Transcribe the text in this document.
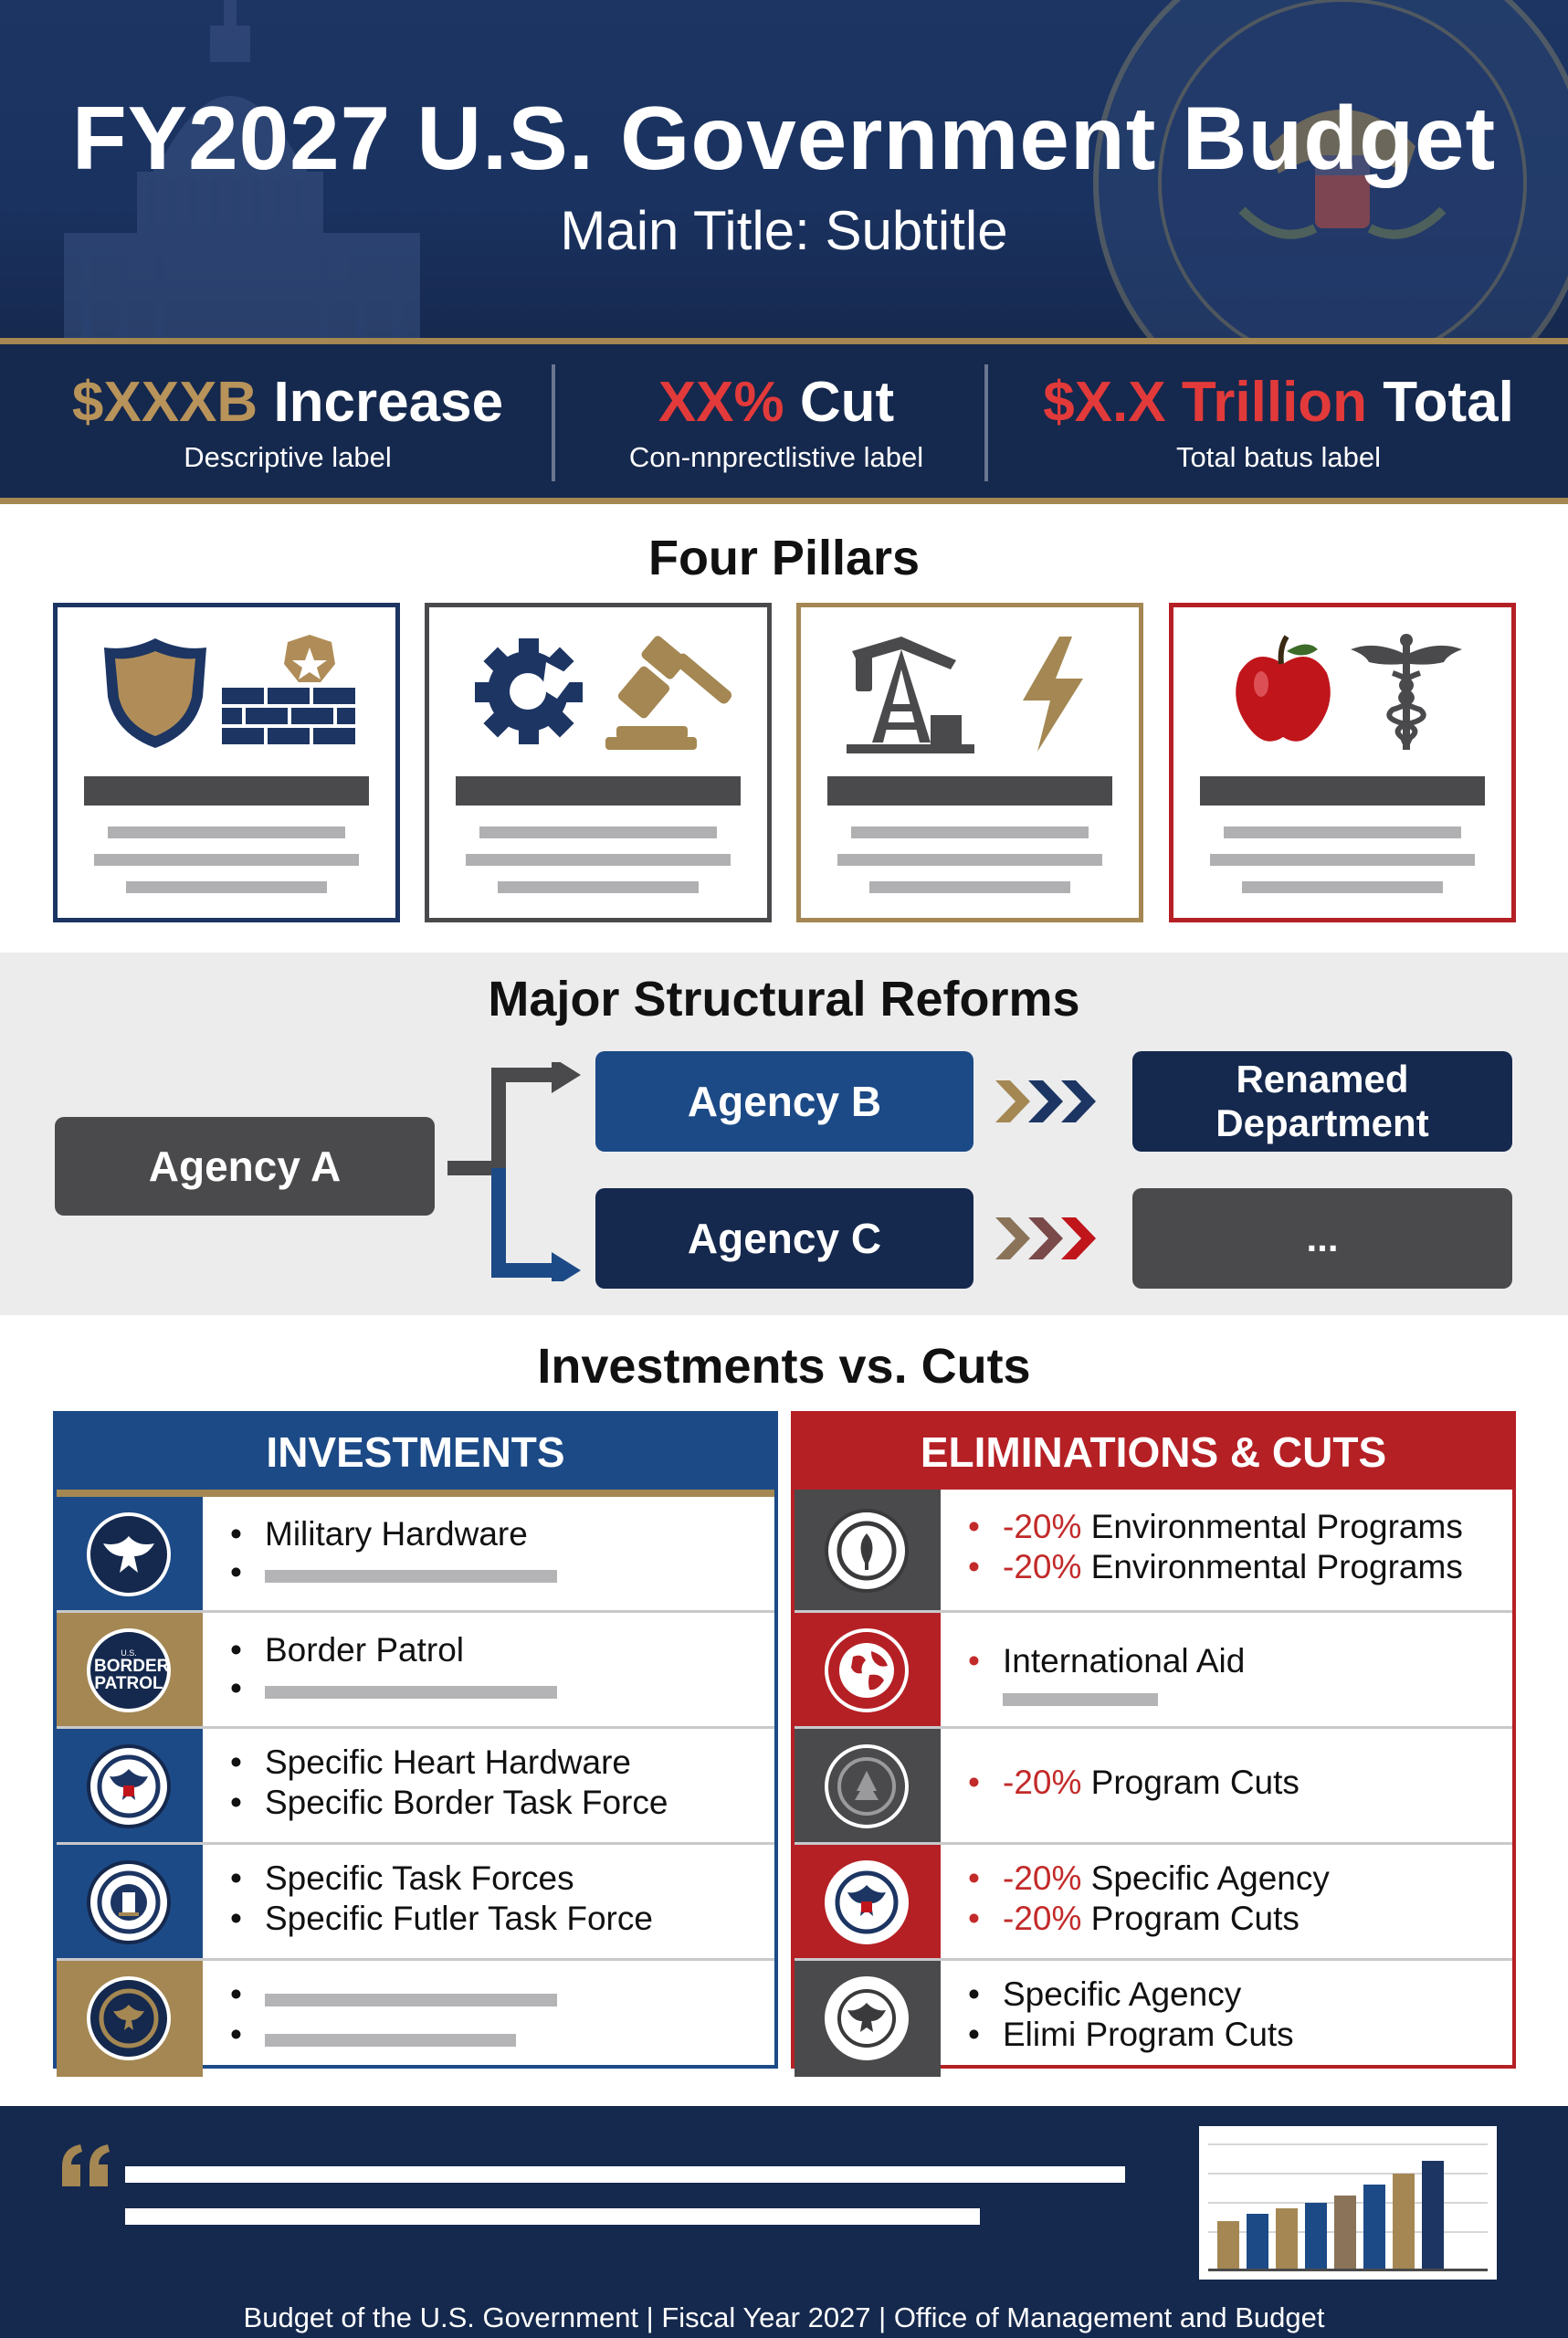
FY2027 U.S. Government Budget
Main Title: Subtitle
$XXXB Increase
Descriptive label
XX% Cut
Con-nnprectlistive label
$X.X Trillion Total
Total batus label
Four Pillars
Major Structural Reforms
Agency A
Agency B
Agency C
Renamed Department
...
Investments vs. Cuts
INVESTMENTS
• Military Hardware
•
U.S.
BORDER PATROL
• Border Patrol
•
• Specific Heart Hardware
• Specific Border Task Force
• Specific Task Forces
• Specific Futler Task Force
•
•
ELIMINATIONS & CUTS
• -20% Environmental Programs
• -20% Environmental Programs
• International Aid
• -20% Program Cuts
• -20% Specific Agency
• -20% Program Cuts
• Specific Agency
• Elimi Program Cuts
Budget of the U.S. Government | Fiscal Year 2027 | Office of Management and Budget
